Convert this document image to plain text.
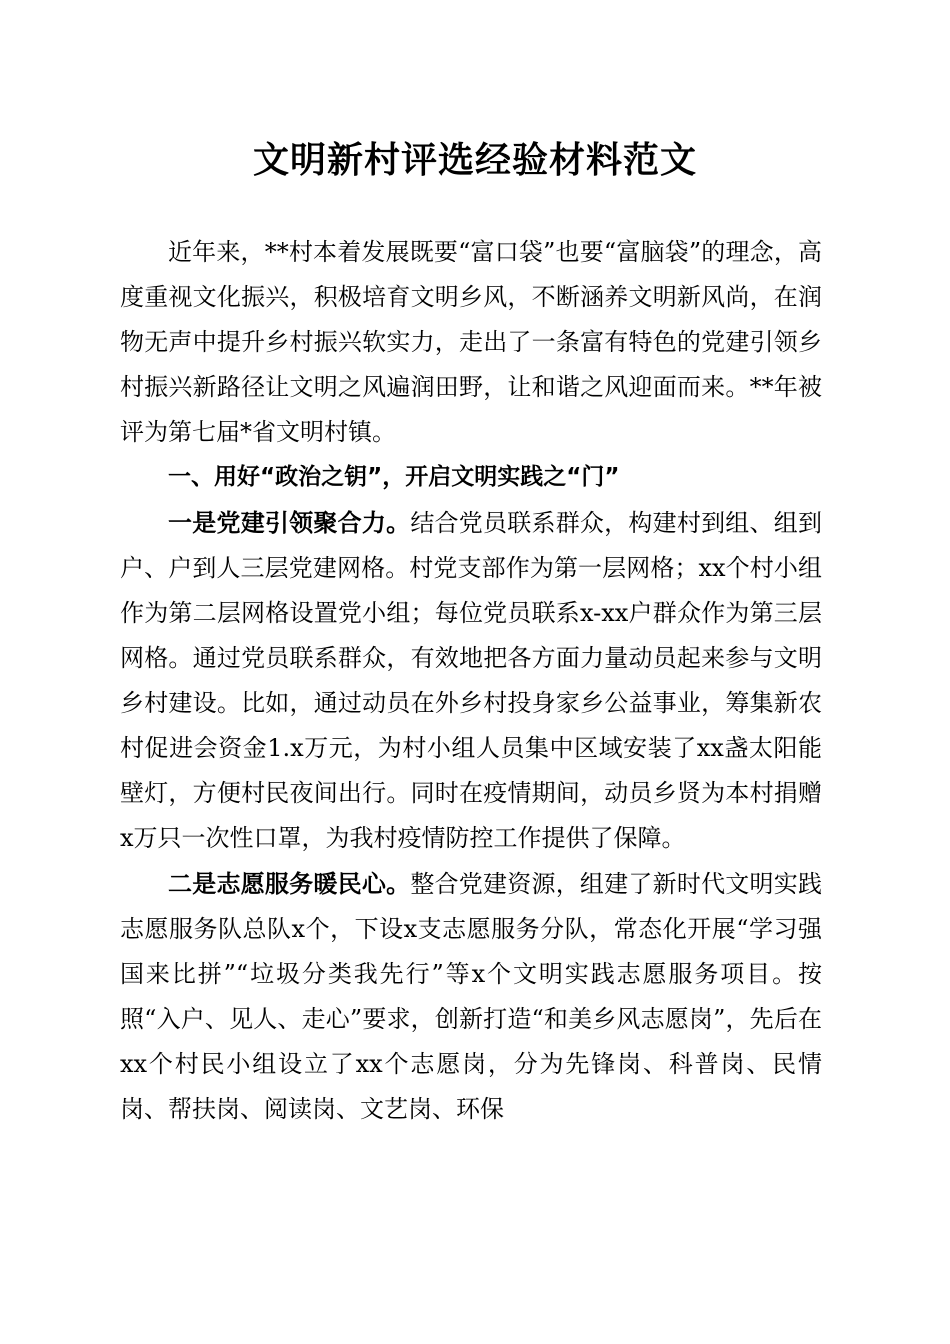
文明新村评选经验材料范文

近年来，**村本着发展既要“富口袋”也要“富脑袋”的理念，高度重视文化振兴，积极培育文明乡风，不断涵养文明新风尚，在润物无声中提升乡村振兴软实力，走出了一条富有特色的党建引领乡村振兴新路径让文明之风遍润田野，让和谐之风迎面而来。**年被评为第七届*省文明村镇。

一、用好“政治之钥”，开启文明实践之“门”

一是党建引领聚合力。结合党员联系群众，构建村到组、组到户、户到人三层党建网格。村党支部作为第一层网格；xx个村小组作为第二层网格设置党小组；每位党员联系x-xx户群众作为第三层网格。通过党员联系群众，有效地把各方面力量动员起来参与文明乡村建设。比如，通过动员在外乡村投身家乡公益事业，筹集新农村促进会资金1.x万元，为村小组人员集中区域安装了xx盏太阳能壁灯，方便村民夜间出行。同时在疫情期间，动员乡贤为本村捐赠x万只一次性口罩，为我村疫情防控工作提供了保障。

二是志愿服务暖民心。整合党建资源，组建了新时代文明实践志愿服务队总队x个，下设x支志愿服务分队，常态化开展“学习强国来比拼”“垃圾分类我先行”等x个文明实践志愿服务项目。按照“入户、见人、走心”要求，创新打造“和美乡风志愿岗”，先后在xx个村民小组设立了xx个志愿岗，分为先锋岗、科普岗、民情岗、帮扶岗、阅读岗、文艺岗、环保
